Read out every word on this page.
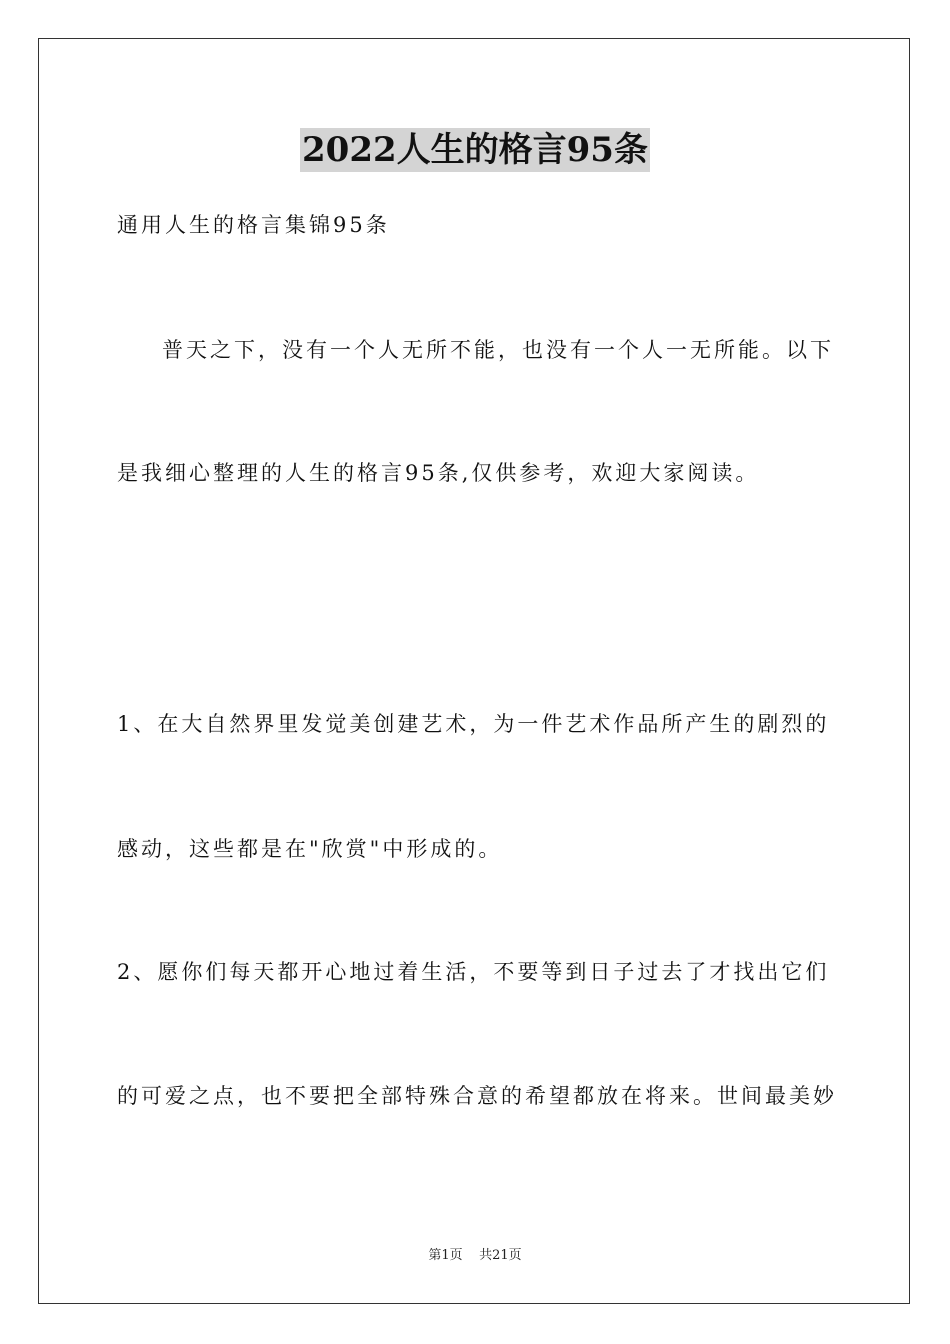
2022人生的格言95条
通用人生的格言集锦95条
普天之下，没有一个人无所不能，也没有一个人一无所能。以下
是我细心整理的人生的格言95条,仅供参考，欢迎大家阅读。
1、在大自然界里发觉美创建艺术，为一件艺术作品所产生的剧烈的
感动，这些都是在"欣赏"中形成的。
2、愿你们每天都开心地过着生活，不要等到日子过去了才找出它们
的可爱之点，也不要把全部特殊合意的希望都放在将来。世间最美妙
第1页 共21页
